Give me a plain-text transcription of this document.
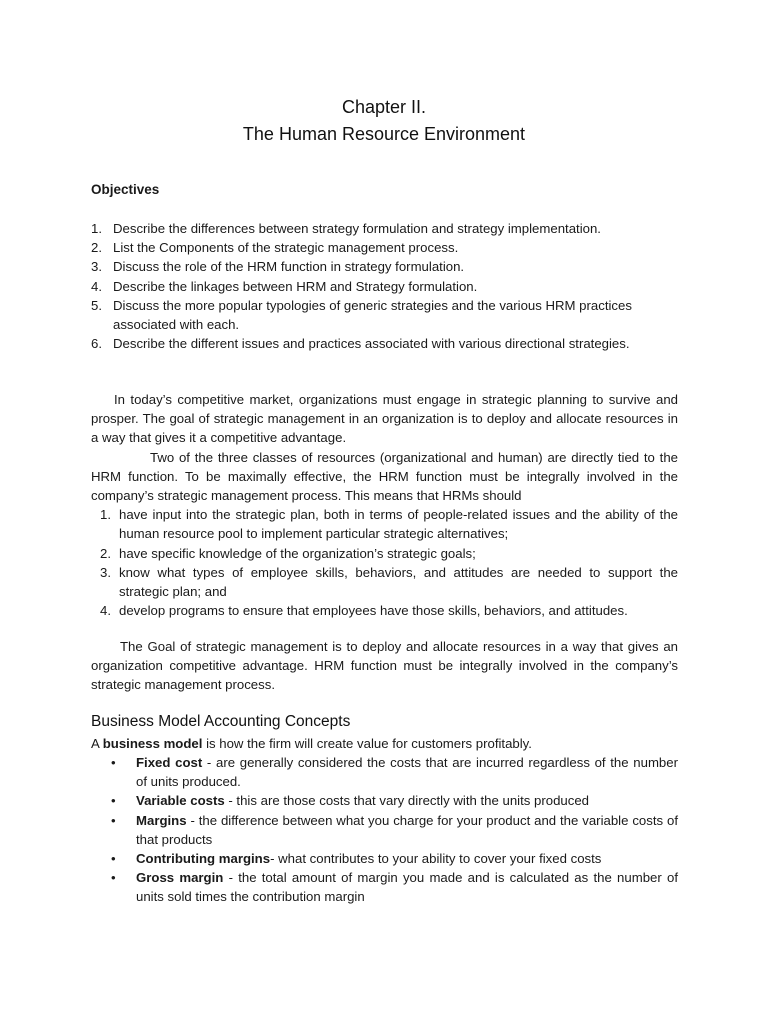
Chapter II.
The Human Resource Environment
Objectives
1. Describe the differences between strategy formulation and strategy implementation.
2. List the Components of the strategic management process.
3. Discuss the role of the HRM function in strategy formulation.
4. Describe the linkages between HRM and Strategy formulation.
5. Discuss the more popular typologies of generic strategies and the various HRM practices associated with each.
6. Describe the different issues and practices associated with various directional strategies.

In today’s competitive market, organizations must engage in strategic planning to survive and prosper. The goal of strategic management in an organization is to deploy and allocate resources in a way that gives it a competitive advantage.

Two of the three classes of resources (organizational and human) are directly tied to the HRM function. To be maximally effective, the HRM function must be integrally involved in the company’s strategic management process. This means that HRMs should

1. have input into the strategic plan, both in terms of people-related issues and the ability of the human resource pool to implement particular strategic alternatives;
2. have specific knowledge of the organization’s strategic goals;
3. know what types of employee skills, behaviors, and attitudes are needed to support the strategic plan; and
4. develop programs to ensure that employees have those skills, behaviors, and attitudes.

The Goal of strategic management is to deploy and allocate resources in a way that gives an organization competitive advantage. HRM function must be integrally involved in the company’s strategic management process.

Business Model Accounting Concepts

A business model is how the firm will create value for customers profitably.

• Fixed cost - are generally considered the costs that are incurred regardless of the number of units produced.
• Variable costs - this are those costs that vary directly with the units produced
• Margins - the difference between what you charge for your product and the variable costs of that products
• Contributing margins- what contributes to your ability to cover your fixed costs
• Gross margin - the total amount of margin you made and is calculated as the number of units sold times the contribution margin
